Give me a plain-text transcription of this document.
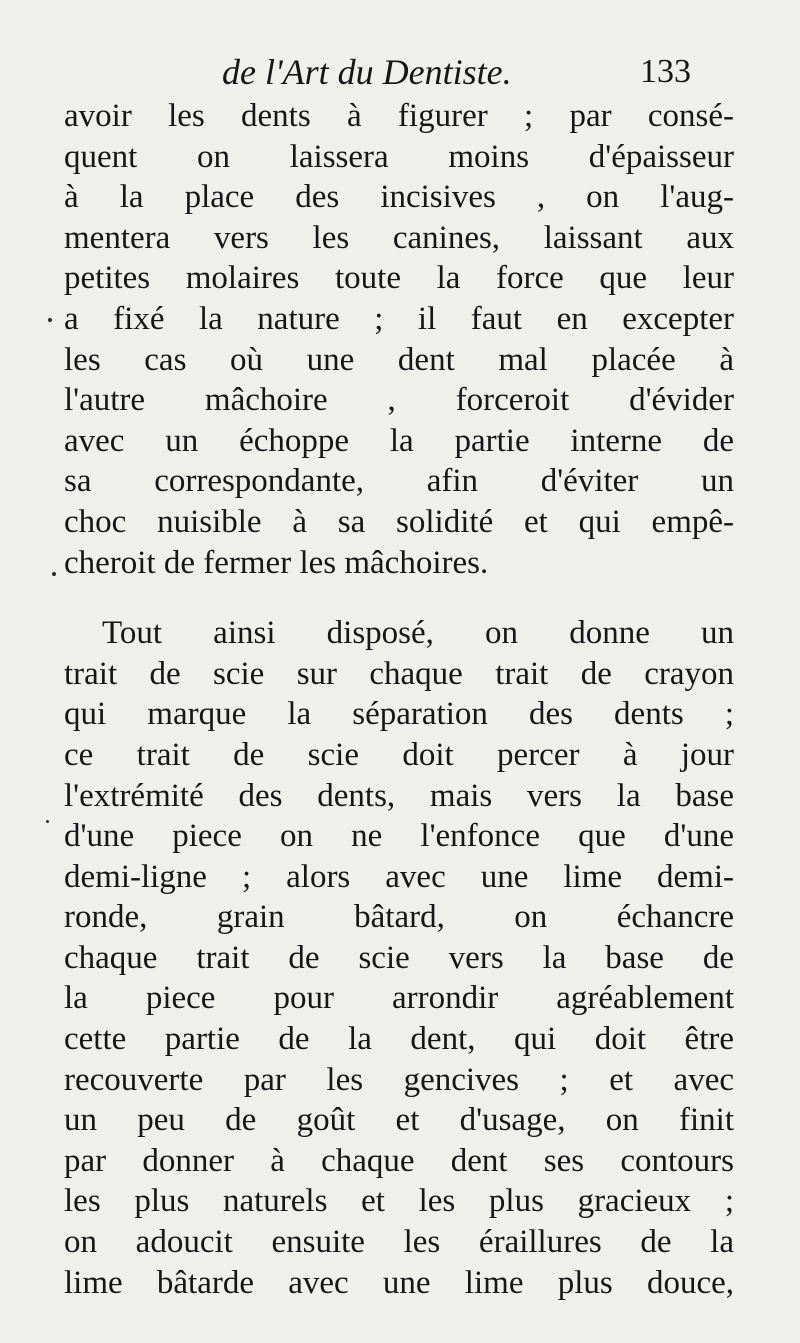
de l'Art du Dentiste.	133
avoir les dents à figurer ; par consé-
quent on laissera moins d'épaisseur
à la place des incisives , on l'aug-
mentera vers les canines, laissant aux
petites molaires toute la force que leur
a fixé la nature ; il faut en excepter
les cas où une dent mal placée à
l'autre mâchoire , forceroit d'évider
avec un échoppe la partie interne de
sa correspondante, afin d'éviter un
choc nuisible à sa solidité et qui empê-
cheroit de fermer les mâchoires.
Tout ainsi disposé, on donne un
trait de scie sur chaque trait de crayon
qui marque la séparation des dents ;
ce trait de scie doit percer à jour
l'extrémité des dents, mais vers la base
d'une piece on ne l'enfonce que d'une
demi-ligne ; alors avec une lime demi-
ronde, grain bâtard, on échancre
chaque trait de scie vers la base de
la piece pour arrondir agréablement
cette partie de la dent, qui doit être
recouverte par les gencives ; et avec
un peu de goût et d'usage, on finit
par donner à chaque dent ses contours
les plus naturels et les plus gracieux ;
on adoucit ensuite les éraillures de la
lime bâtarde avec une lime plus douce,
